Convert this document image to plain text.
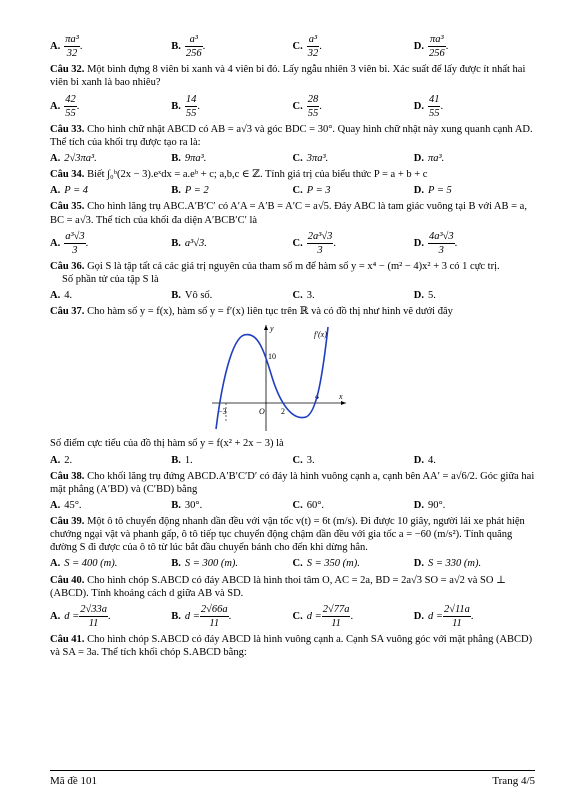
A. $\frac{\text{πa³}}{32}$ .	B. $\frac{\text{a³}}{256}$ .	C. $\frac{\text{a³}}{32}$ .	D. $\frac{\text{πa³}}{256}$ .
Câu 32. Một bình đựng 8 viên bi xanh và 4 viên bi đỏ. Lấy ngẫu nhiên 3 viên bi. Xác suất để lấy được ít nhất hai viên bi xanh là bao nhiêu?
A. $\frac{42}{55}$ .	B. $\frac{14}{55}$ .	C. $\frac{28}{55}$ .	D. $\frac{41}{55}$ .
Câu 33. Cho hình chữ nhật ABCD có AB = a√3 và góc BDC = 30°. Quay hình chữ nhật này xung quanh cạnh AD. Thể tích của khối trụ được tạo ra là:
A. 2√3πa³.	B. 9πa³.	C. 3πa³.	D. πa³.
Câu 34. Biết ∫₀ᵇ(2x − 3).eˣdx = a.eᵇ + c; a,b,c ∈ ℤ. Tính giá trị của biểu thức P = a + b + c
A. P = 4	B. P = 2	C. P = 3	D. P = 5
Câu 35. Cho hình lăng trụ ABC.A′B′C′ có A′A = A′B = A′C = a√5. Đáy ABC là tam giác vuông tại B với AB = a, BC = a√3. Thể tích của khối đa diện A′BCB′C′ là
A. $\frac{\text{a³√3}}{3}$ .	B. a³√3.	C. $\frac{\text{2a³√3}}{3}$ .	D. $\frac{\text{4a³√3}}{3}$ .
Câu 36. Gọi S là tập tất cả các giá trị nguyên của tham số m để hàm số y = x⁴ − (m² − 4)x² + 3 có 1 cực trị.
Số phần tử của tập S là
A. 4.	B. Vô số.	C. 3.	D. 5.
Câu 37. Cho hàm số y = f(x), hàm số y = f′(x) liên tục trên ℝ và có đồ thị như hình vẽ dưới đây
y
x
O
−3	2
4
10
f′(x)
Số điểm cực tiểu của đồ thị hàm số y = f(x² + 2x − 3) là
A. 2.	B. 1.	C. 3.	D. 4.
Câu 38. Cho khối lăng trụ đứng ABCD.A′B′C′D′ có đáy là hình vuông cạnh a, cạnh bên AA′ = a√6/2. Góc giữa hai mặt phẳng (A′BD) và (C′BD) bằng
A. 45°.	B. 30°.	C. 60°.	D. 90°.
Câu 39. Một ô tô chuyển động nhanh dần đều với vận tốc v(t) = 6t (m/s). Đi được 10 giây, người lái xe phát hiện chướng ngại vật và phanh gấp, ô tô tiếp tục chuyển động chậm dần đều với gia tốc a = −60 (m/s²). Tính quãng đường S đi được của ô tô từ lúc bắt đầu chuyển bánh cho đến khi dừng hẳn.
A. S = 400 (m).	B. S = 300 (m).	C. S = 350 (m).	D. S = 330 (m).
Câu 40. Cho hình chóp S.ABCD có đáy ABCD là hình thoi tâm O, AC = 2a, BD = 2a√3 SO = a√2 và SO ⊥ (ABCD). Tính khoảng cách d giữa AB và SD.
A. $d = \frac{2√33a}{11}$ .	B. $d = \frac{2√66a}{11}$ .	C. $d = \frac{2√77a}{11}$ .	D. $d = \frac{2√11a}{11}$ .
Câu 41. Cho hình chóp S.ABCD có đáy ABCD là hình vuông cạnh a. Cạnh SA vuông góc với mặt phẳng (ABCD) và SA = 3a. Thể tích khối chóp S.ABCD bằng:
Mã đề 101	Trang 4/5
